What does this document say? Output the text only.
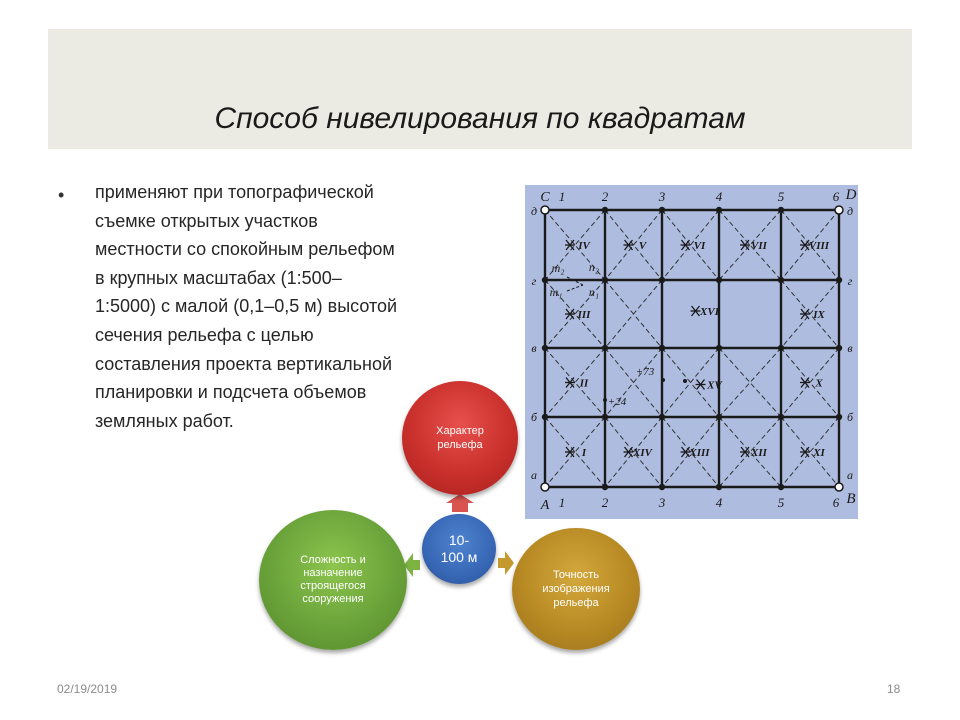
Способ нивелирования по квадратам
• применяют при топографической
съемке открытых участков
местности со спокойным рельефом
в крупных масштабах (1:500–
1:5000) с малой (0,1–0,5 м) высотой
сечения рельефа с целью
составления проекта вертикальной
планировки и подсчета объемов
земляных работ.
1
1
2
2
3
3
4
4
5
5
6
6
д	д
г	г
в	в
б	б
а	а
C	D
A	B
IV	V	VI	VII	VIII
III	XVI	IX
II	XV	X
I	XIV	XIII	XII	XI
m₂ n₂
m₁ n₁
+73
+24
Характер
рельефа
Сложность и
назначение
строящегося
сооружения
Точность
изображения
рельефа
10-
100 м
02/19/2019	18
